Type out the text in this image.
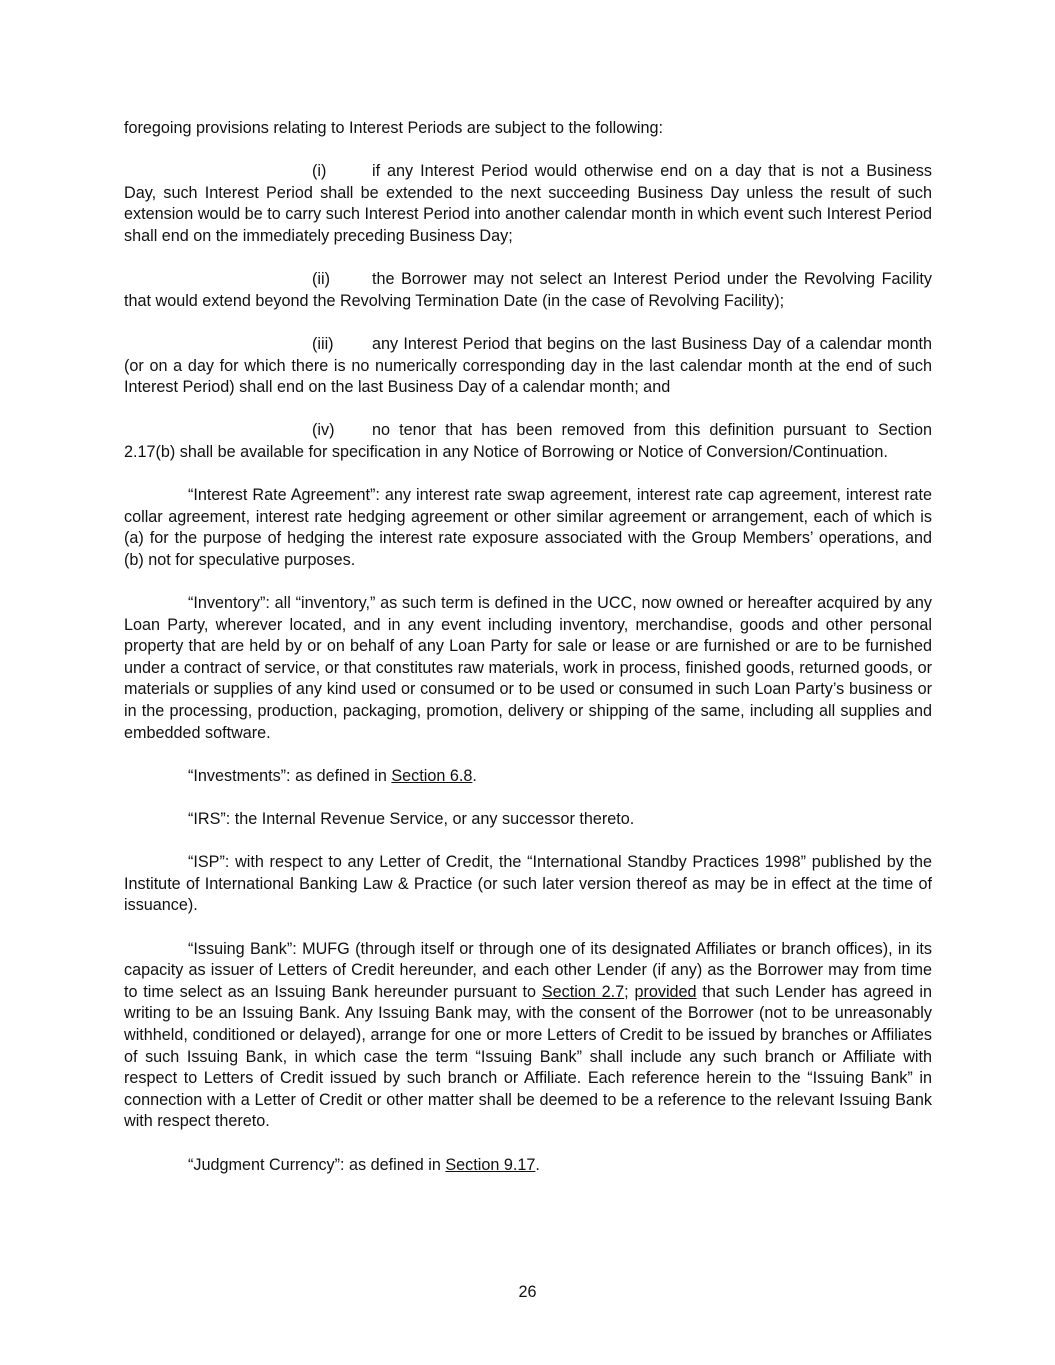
foregoing provisions relating to Interest Periods are subject to the following:

(i)	if any Interest Period would otherwise end on a day that is not a Business Day, such Interest Period shall be extended to the next succeeding Business Day unless the result of such extension would be to carry such Interest Period into another calendar month in which event such Interest Period shall end on the immediately preceding Business Day;

(ii)	the Borrower may not select an Interest Period under the Revolving Facility that would extend beyond the Revolving Termination Date (in the case of Revolving Facility);

(iii) any Interest Period that begins on the last Business Day of a calendar month (or on a day for which there is no numerically corresponding day in the last calendar month at the end of such Interest Period) shall end on the last Business Day of a calendar month; and

(iv) no tenor that has been removed from this definition pursuant to Section 2.17(b) shall be available for specification in any Notice of Borrowing or Notice of Conversion/Continuation.

“Interest Rate Agreement”: any interest rate swap agreement, interest rate cap agreement, interest rate collar agreement, interest rate hedging agreement or other similar agreement or arrangement, each of which is (a) for the purpose of hedging the interest rate exposure associated with the Group Members’ operations, and (b) not for speculative purposes.

“Inventory”: all “inventory,” as such term is defined in the UCC, now owned or hereafter acquired by any Loan Party, wherever located, and in any event including inventory, merchandise, goods and other personal property that are held by or on behalf of any Loan Party for sale or lease or are furnished or are to be furnished under a contract of service, or that constitutes raw materials, work in process, finished goods, returned goods, or materials or supplies of any kind used or consumed or to be used or consumed in such Loan Party’s business or in the processing, production, packaging, promotion, delivery or shipping of the same, including all supplies and embedded software.

“Investments”: as defined in Section 6.8.

“IRS”: the Internal Revenue Service, or any successor thereto.

“ISP”: with respect to any Letter of Credit, the “International Standby Practices 1998” published by the Institute of International Banking Law & Practice (or such later version thereof as may be in effect at the time of issuance).

“Issuing Bank”: MUFG (through itself or through one of its designated Affiliates or branch offices), in its capacity as issuer of Letters of Credit hereunder, and each other Lender (if any) as the Borrower may from time to time select as an Issuing Bank hereunder pursuant to Section 2.7; provided that such Lender has agreed in writing to be an Issuing Bank. Any Issuing Bank may, with the consent of the Borrower (not to be unreasonably withheld, conditioned or delayed), arrange for one or more Letters of Credit to be issued by branches or Affiliates of such Issuing Bank, in which case the term “Issuing Bank” shall include any such branch or Affiliate with respect to Letters of Credit issued by such branch or Affiliate. Each reference herein to the “Issuing Bank” in connection with a Letter of Credit or other matter shall be deemed to be a reference to the relevant Issuing Bank with respect thereto.

“Judgment Currency”: as defined in Section 9.17.

26
